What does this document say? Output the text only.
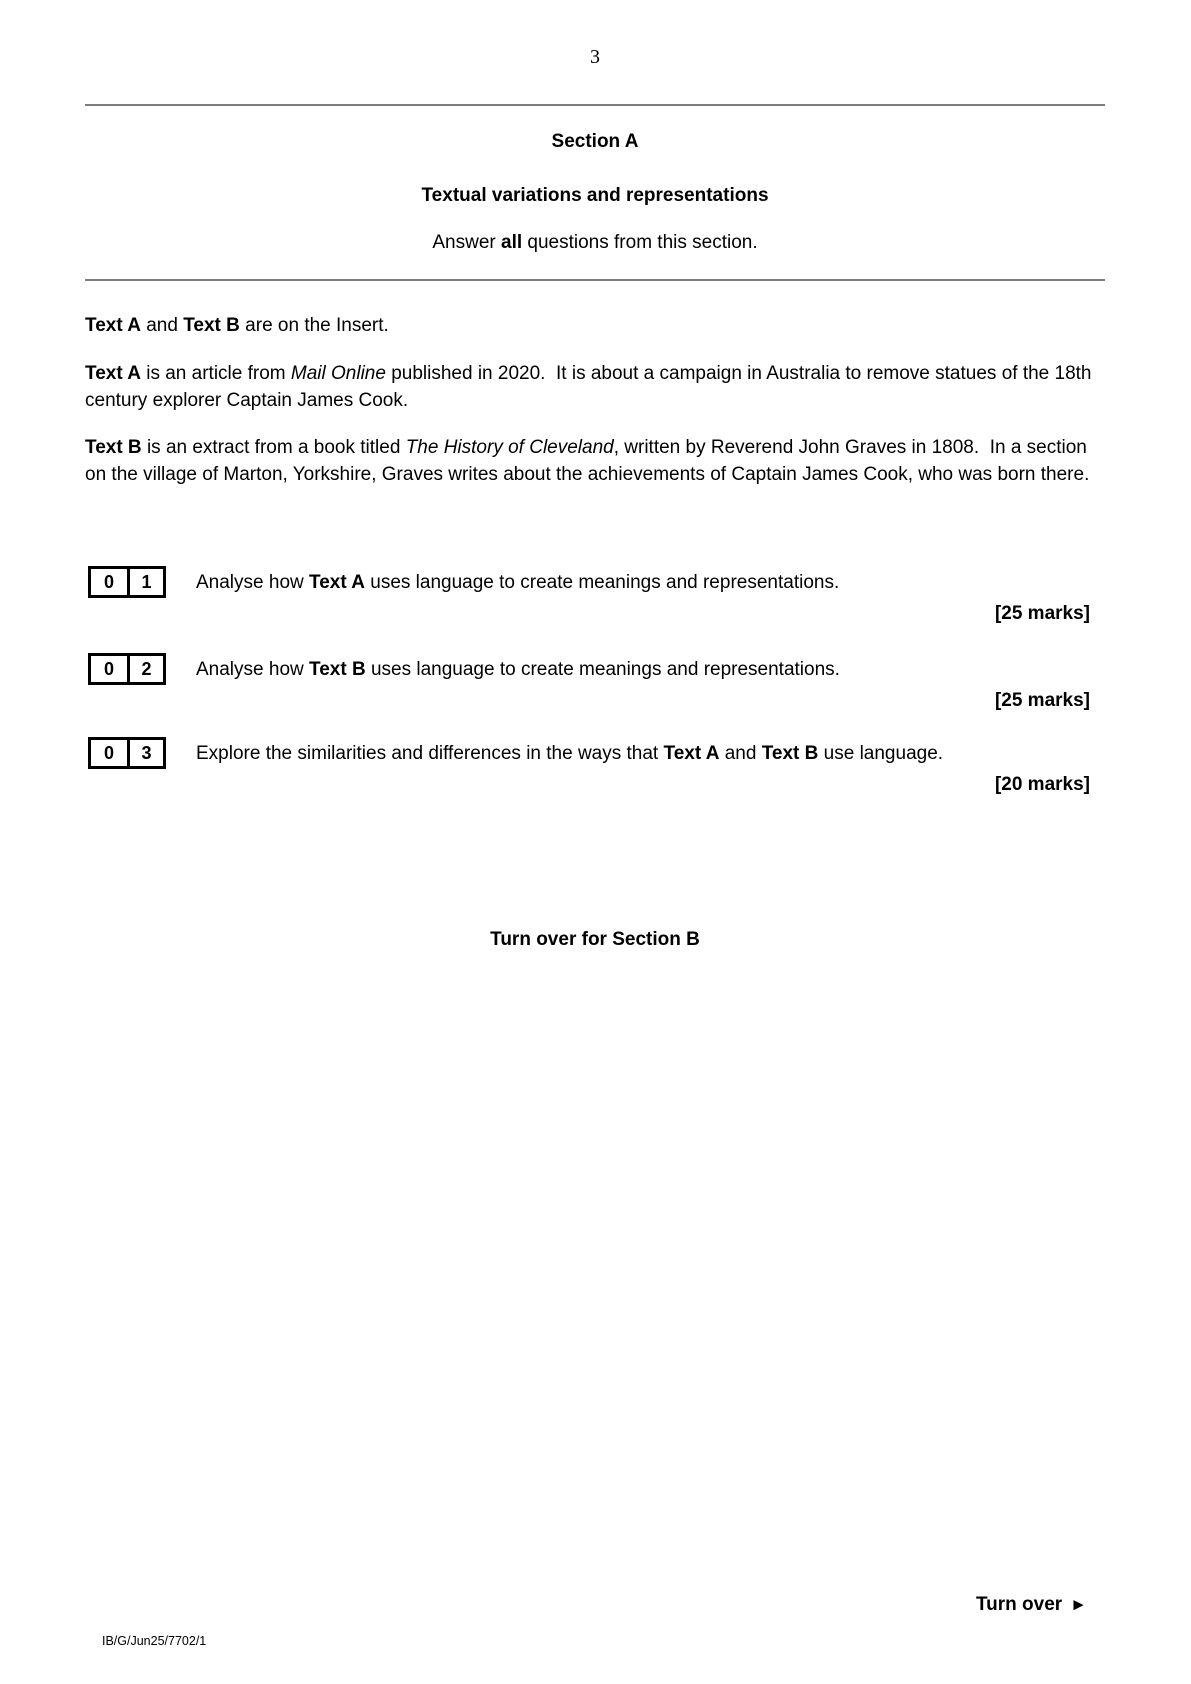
3
Section A
Textual variations and representations
Answer all questions from this section.

Text A and Text B are on the Insert.

Text A is an article from Mail Online published in 2020.  It is about a campaign in Australia to remove statues of the 18th century explorer Captain James Cook.

Text B is an extract from a book titled The History of Cleveland, written by Reverend John Graves in 1808.  In a section on the village of Marton, Yorkshire, Graves writes about the achievements of Captain James Cook, who was born there.

0	1	Analyse how Text A uses language to create meanings and representations.
[25 marks]
0	2	Analyse how Text B uses language to create meanings and representations.
[25 marks]
0	3	Explore the similarities and differences in the ways that Text A and Text B use language.
[20 marks]
Turn over for Section B
Turn over ►
IB/G/Jun25/7702/1
